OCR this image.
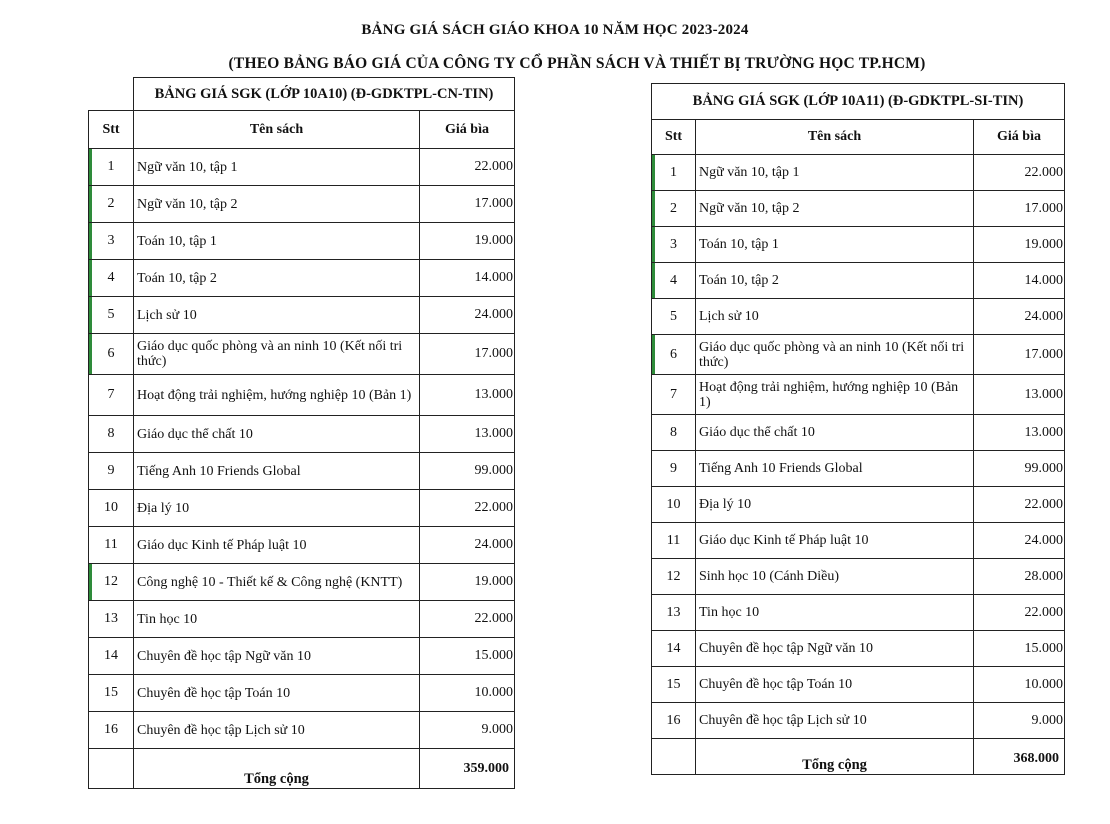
BẢNG GIÁ SÁCH GIÁO KHOA 10 NĂM HỌC 2023-2024
(THEO BẢNG BÁO GIÁ CỦA CÔNG TY CỔ PHẦN SÁCH VÀ THIẾT BỊ TRƯỜNG HỌC TP.HCM)
	BẢNG GIÁ SGK (LỚP 10A10) (Đ-GDKTPL-CN-TIN)	
Stt	Tên sách	Giá bìa
1	Ngữ văn 10, tập 1	22.000
2	Ngữ văn 10, tập 2	17.000
3	Toán 10, tập 1	19.000
4	Toán 10, tập 2	14.000
5	Lịch sử 10	24.000
6	Giáo dục quốc phòng và an ninh 10 (Kết nối tri thức)	17.000
7	Hoạt động trải nghiệm, hướng nghiệp 10 (Bản 1)	13.000
8	Giáo dục thể chất 10	13.000
9	Tiếng Anh 10 Friends Global	99.000
10	Địa lý 10	22.000
11	Giáo dục Kinh tế Pháp luật 10	24.000
12	Công nghệ 10 - Thiết kế & Công nghệ (KNTT)	19.000
13	Tin học 10	22.000
14	Chuyên đề học tập Ngữ văn 10	15.000
15	Chuyên đề học tập Toán 10	10.000
16	Chuyên đề học tập Lịch sử 10	9.000
	Tổng cộng	359.000
BẢNG GIÁ SGK (LỚP 10A11) (Đ-GDKTPL-SI-TIN)		
Stt	Tên sách	Giá bìa
1	Ngữ văn 10, tập 1	22.000
2	Ngữ văn 10, tập 2	17.000
3	Toán 10, tập 1	19.000
4	Toán 10, tập 2	14.000
5	Lịch sử 10	24.000
6	Giáo dục quốc phòng và an ninh 10 (Kết nối tri thức)	17.000
7	Hoạt động trải nghiệm, hướng nghiệp 10 (Bản 1)	13.000
8	Giáo dục thể chất 10	13.000
9	Tiếng Anh 10 Friends Global	99.000
10	Địa lý 10	22.000
11	Giáo dục Kinh tế Pháp luật 10	24.000
12	Sinh học 10 (Cánh Diều)	28.000
13	Tin học 10	22.000
14	Chuyên đề học tập Ngữ văn 10	15.000
15	Chuyên đề học tập Toán 10	10.000
16	Chuyên đề học tập Lịch sử 10	9.000
	Tổng cộng	368.000
